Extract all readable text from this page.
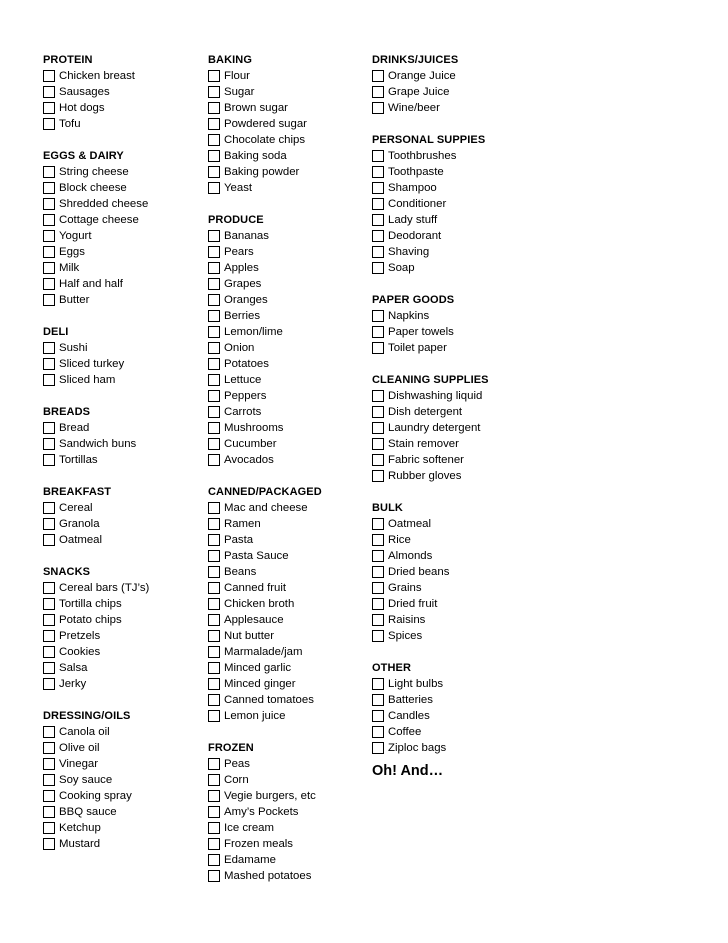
PROTEIN
Chicken breast
Sausages
Hot dogs
Tofu
EGGS & DAIRY
String cheese
Block cheese
Shredded cheese
Cottage cheese
Yogurt
Eggs
Milk
Half and half
Butter
DELI
Sushi
Sliced turkey
Sliced ham
BREADS
Bread
Sandwich buns
Tortillas
BREAKFAST
Cereal
Granola
Oatmeal
SNACKS
Cereal bars (TJ’s)
Tortilla chips
Potato chips
Pretzels
Cookies
Salsa
Jerky
DRESSING/OILS
Canola oil
Olive oil
Vinegar
Soy sauce
Cooking spray
BBQ sauce
Ketchup
Mustard
BAKING
Flour
Sugar
Brown sugar
Powdered sugar
Chocolate chips
Baking soda
Baking powder
Yeast
PRODUCE
Bananas
Pears
Apples
Grapes
Oranges
Berries
Lemon/lime
Onion
Potatoes
Lettuce
Peppers
Carrots
Mushrooms
Cucumber
Avocados
CANNED/PACKAGED
Mac and cheese
Ramen
Pasta
Pasta Sauce
Beans
Canned fruit
Chicken broth
Applesauce
Nut butter
Marmalade/jam
Minced garlic
Minced ginger
Canned tomatoes
Lemon juice
FROZEN
Peas
Corn
Vegie burgers, etc
Amy’s Pockets
Ice cream
Frozen meals
Edamame
Mashed potatoes
DRINKS/JUICES
Orange Juice
Grape Juice
Wine/beer
PERSONAL SUPPIES
Toothbrushes
Toothpaste
Shampoo
Conditioner
Lady stuff
Deodorant
Shaving
Soap
PAPER GOODS
Napkins
Paper towels
Toilet paper
CLEANING SUPPLIES
Dishwashing liquid
Dish detergent
Laundry detergent
Stain remover
Fabric softener
Rubber gloves
BULK
Oatmeal
Rice
Almonds
Dried beans
Grains
Dried fruit
Raisins
Spices
OTHER
Light bulbs
Batteries
Candles
Coffee
Ziploc bags
Oh! And…
